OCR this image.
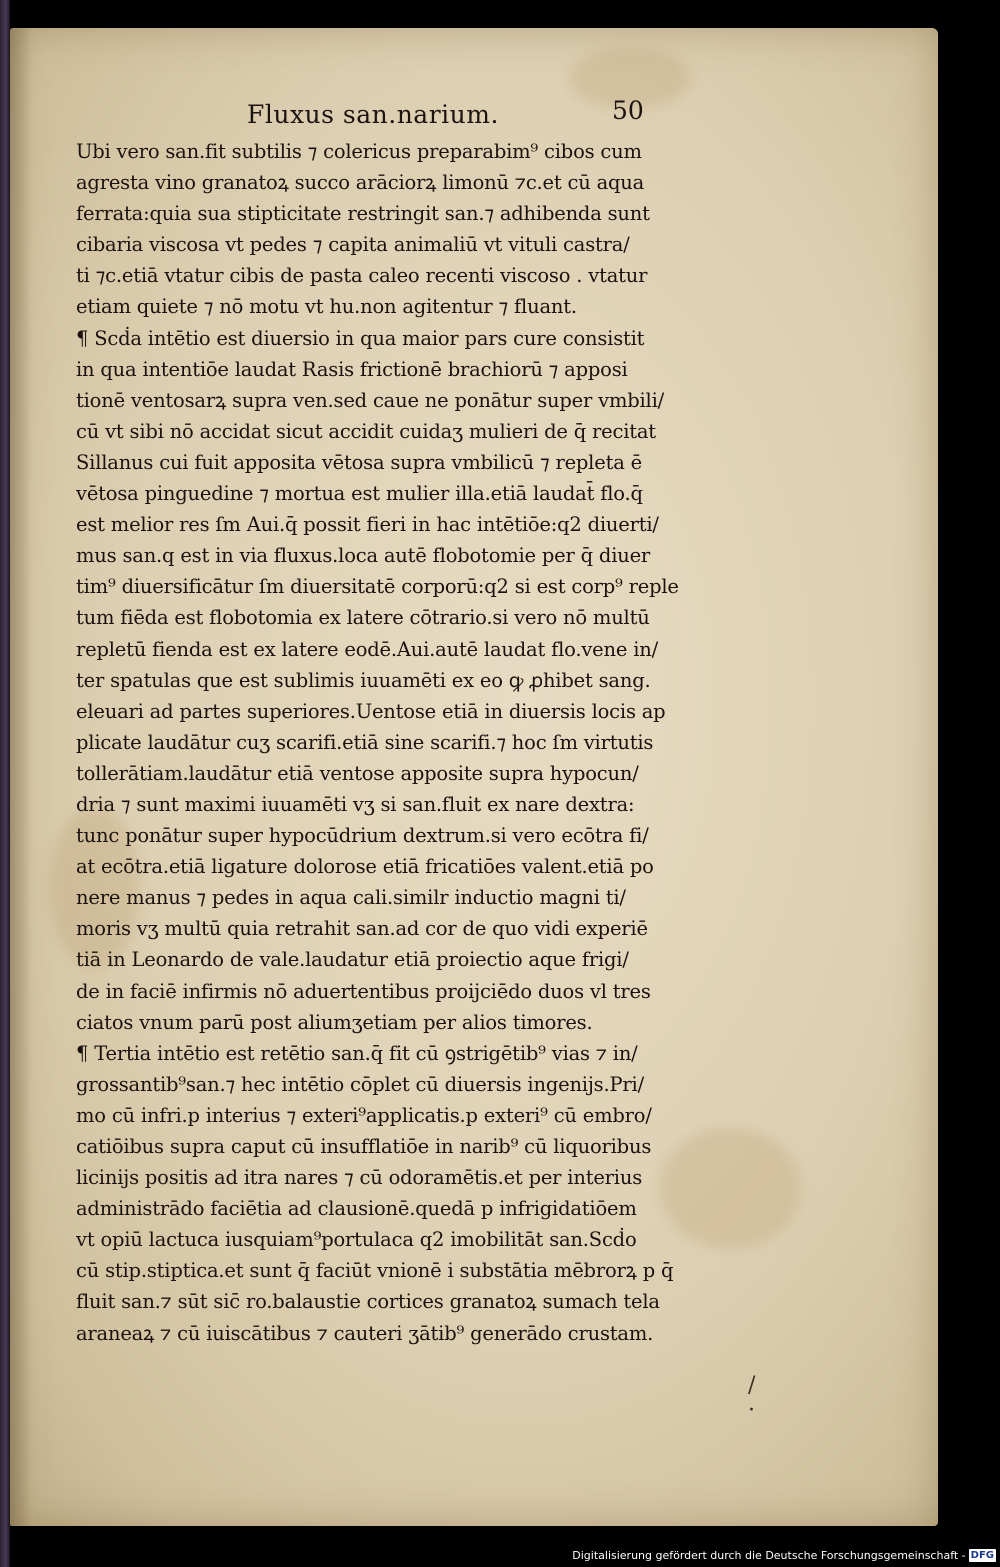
Fluxus san.narium.	50
Ubi vero san.fit subtilis ⁊ colericus preparabim⁹ cibos cum
agresta vino granatoꝝ succo arāciorꝝ limonū ⁊c.et cū aqua
ferrata:quia sua stipticitate restringit san.⁊ adhibenda sunt
cibaria viscosa vt pedes ⁊ capita animaliū vt vituli castra/
ti ⁊c.etiā vtatur cibis de pasta caleo recenti viscoso . vtatur
etiam quiete ⁊ nō motu vt hu.non agitentur ⁊ fluant.
¶ Scḋa intētio est diuersio in qua maior pars cure consistit
in qua intentiōe laudat Rasis frictionē brachiorū ⁊ apposi
tionē ventosarꝝ supra ven.sed caue ne ponātur super vmbili/
cū vt sibi nō accidat sicut accidit cuidaʒ mulieri de q̄ recitat
Sillanus cui fuit apposita vētosa supra vmbilicū ⁊ repleta ē
vētosa pinguedine ⁊ mortua est mulier illa.etiā laudat̄ flo.q̄
est melior res ſm Aui.q̄ possit fieri in hac intētiōe:q2 diuerti/
mus san.q est in via fluxus.loca autē flobotomie per q̄ diuer
tim⁹ diuersificātur ſm diuersitatē corporū:q2 si est corp⁹ reple
tum fiēda est flobotomia ex latere cōtrario.si vero nō multū
repletū fienda est ex latere eodē.Aui.autē laudat flo.vene in/
ter spatulas que est sublimis iuuamēti ex eo ꝙ ꝓhibet sang.
eleuari ad partes superiores.Uentose etiā in diuersis locis ap
plicate laudātur cuʒ scarifi.etiā sine scarifi.⁊ hoc ſm virtutis
tollerātiam.laudātur etiā ventose apposite supra hypocun/
dria ⁊ sunt maximi iuuamēti vʒ si san.fluit ex nare dextra:
tunc ponātur super hypocūdrium dextrum.si vero ecōtra fi/
at ecōtra.etiā ligature dolorose etiā fricatiōes valent.etiā po
nere manus ⁊ pedes in aqua cali.similr inductio magni ti/
moris vʒ multū quia retrahit san.ad cor de quo vidi experiē
tiā in Leonardo de vale.laudatur etiā proiectio aque frigi/
de in faciē infirmis nō aduertentibus proijciēdo duos vl tres
ciatos vnum parū post aliumʒetiam per alios timores.
¶ Tertia intētio est retētio san.q̄ fit cū ꝯstrigētib⁹ vias ⁊ in/
grossantib⁹san.⁊ hec intētio cōplet cū diuersis ingenijs.Pri/
mo cū infri.p interius ⁊ exteri⁹applicatis.p exteri⁹ cū embro/
catiōibus supra caput cū insufflatiōe in narib⁹ cū liquoribus
licinijs positis ad itra nares ⁊ cū odoramētis.et per interius
administrādo faciētia ad clausionē.quedā p infrigidatiōem
vt opiū lactuca iusquiam⁹portulaca q2 imobilitāt san.Scḋo
cū stip.stiptica.et sunt q̄ faciūt vnionē i substātia mēbrorꝝ p q̄
fluit san.⁊ sūt sic̄ ro.balaustie cortices granatoꝝ sumach tela
araneaꝝ ⁊ cū iuiscātibus ⁊ cauteri ʒātib⁹ generādo crustam.
/
·
Digitalisierung gefördert durch die Deutsche Forschungsgemeinschaft - DFG
